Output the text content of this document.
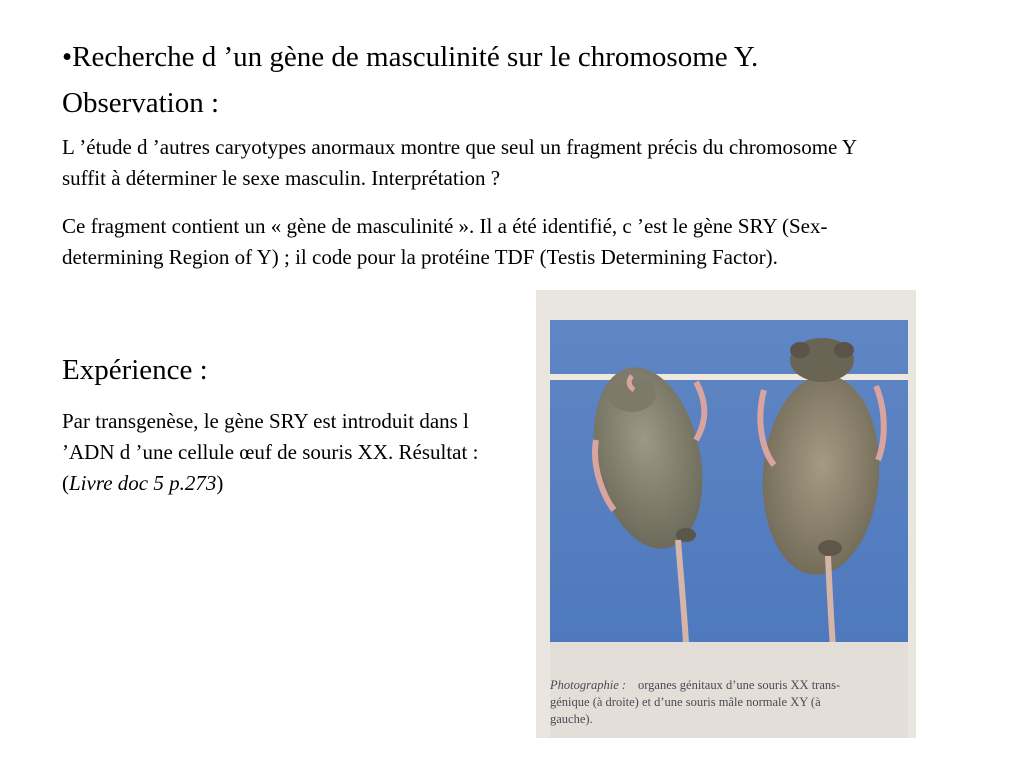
•Recherche d ’un gène de masculinité sur le chromosome Y.
Observation :

L ’étude d ’autres caryotypes anormaux montre que seul un fragment précis du chromosome Y suffit à déterminer le sexe masculin. Interprétation ?

Ce fragment contient un « gène de masculinité ». Il a été identifié, c ’est le gène SRY (Sex-determining Region of Y) ; il code pour la protéine TDF (Testis Determining Factor).

Expérience :

Par transgenèse, le gène SRY est introduit dans l ’ADN d ’une cellule œuf de souris XX. Résultat :(Livre doc 5 p.273)

Photographie : organes génitaux d’une souris XX trans-
génique (à droite) et d’une souris mâle normale XY (à
gauche).
